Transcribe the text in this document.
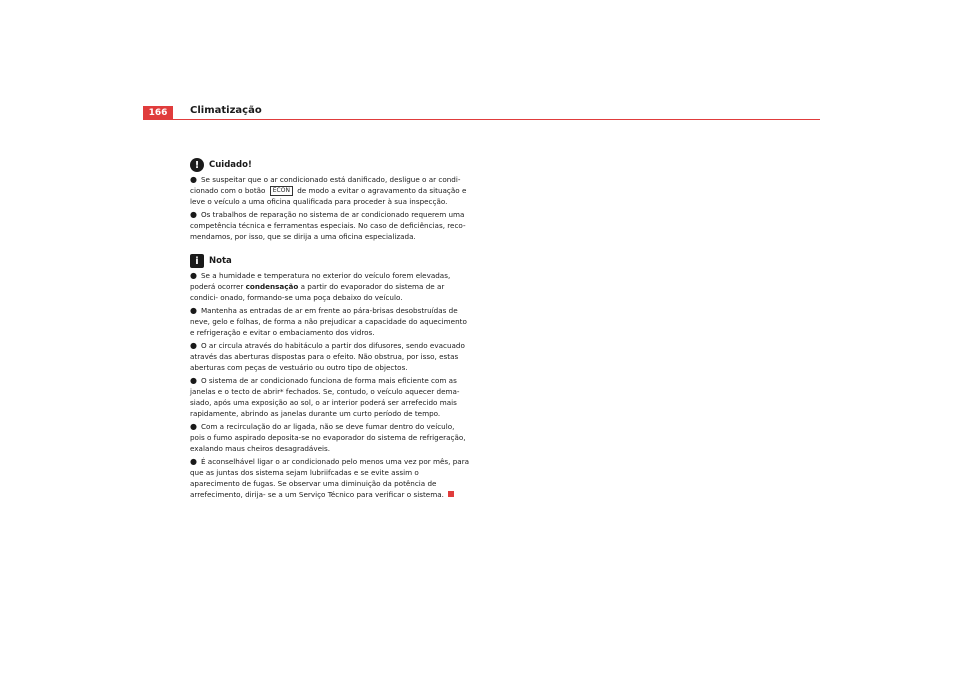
166	Climatização
!	Cuidado!
● Se suspeitar que o ar condicionado está danificado, desligue o ar condi- cionado com o botão ECON de modo a evitar o agravamento da situação e leve o veículo a uma oficina qualificada para proceder à sua inspecção.
● Os trabalhos de reparação no sistema de ar condicionado requerem uma competência técnica e ferramentas especiais. No caso de deficiências, reco- mendamos, por isso, que se dirija a uma oficina especializada.
i	Nota
● Se a humidade e temperatura no exterior do veículo forem elevadas, poderá ocorrer condensação a partir do evaporador do sistema de ar condici- onado, formando-se uma poça debaixo do veículo.
● Mantenha as entradas de ar em frente ao pára-brisas desobstruídas de neve, gelo e folhas, de forma a não prejudicar a capacidade do aquecimento e refrigeração e evitar o embaciamento dos vidros.
● O ar circula através do habitáculo a partir dos difusores, sendo evacuado através das aberturas dispostas para o efeito. Não obstrua, por isso, estas aberturas com peças de vestuário ou outro tipo de objectos.
● O sistema de ar condicionado funciona de forma mais eficiente com as janelas e o tecto de abrir* fechados. Se, contudo, o veículo aquecer dema- siado, após uma exposição ao sol, o ar interior poderá ser arrefecido mais rapidamente, abrindo as janelas durante um curto período de tempo.
● Com a recirculação do ar ligada, não se deve fumar dentro do veículo, pois o fumo aspirado deposita-se no evaporador do sistema de refrigeração, exalando maus cheiros desagradáveis.
● É aconselhável ligar o ar condicionado pelo menos uma vez por mês, para que as juntas dos sistema sejam lubriifcadas e se evite assim o aparecimento de fugas. Se observar uma diminuição da potência de arrefecimento, dirija- se a um Serviço Técnico para verificar o sistema.
